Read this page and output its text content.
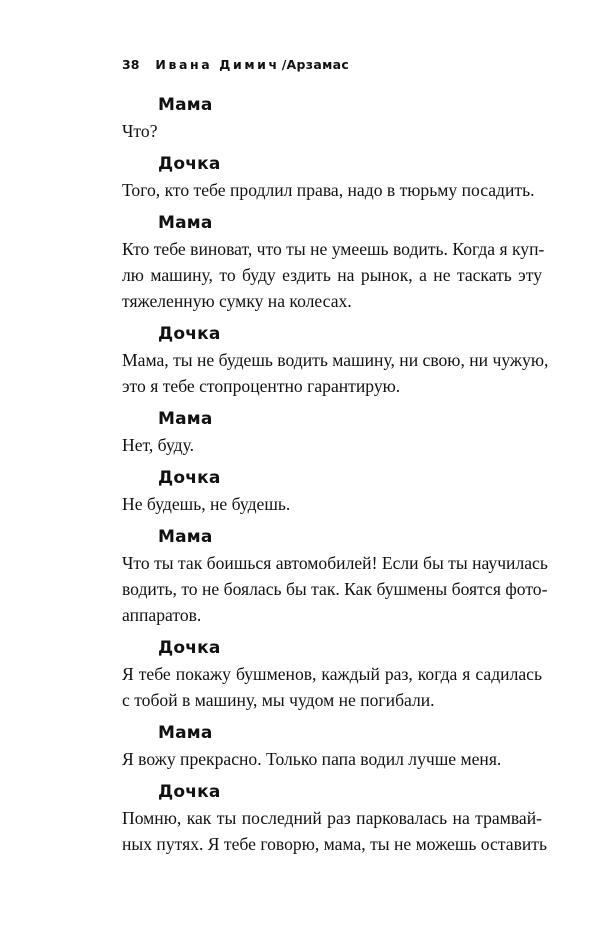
38 Ивана Димич /Арзамас
Мама
Что?
Дочка
Того, кто тебе продлил права, надо в тюрьму посадить.
Мама
Кто тебе виноват, что ты не умеешь водить. Когда я куп-
лю машину, то буду ездить на рынок, а не таскать эту
тяжеленную сумку на колесах.
Дочка
Мама, ты не будешь водить машину, ни свою, ни чужую,
это я тебе стопроцентно гарантирую.
Мама
Нет, буду.
Дочка
Не будешь, не будешь.
Мама
Что ты так боишься автомобилей! Если бы ты научилась
водить, то не боялась бы так. Как бушмены боятся фото-
аппаратов.
Дочка
Я тебе покажу бушменов, каждый раз, когда я садилась
с тобой в машину, мы чудом не погибали.
Мама
Я вожу прекрасно. Только папа водил лучше меня.
Дочка
Помню, как ты последний раз парковалась на трамвай-
ных путях. Я тебе говорю, мама, ты не можешь оставить
